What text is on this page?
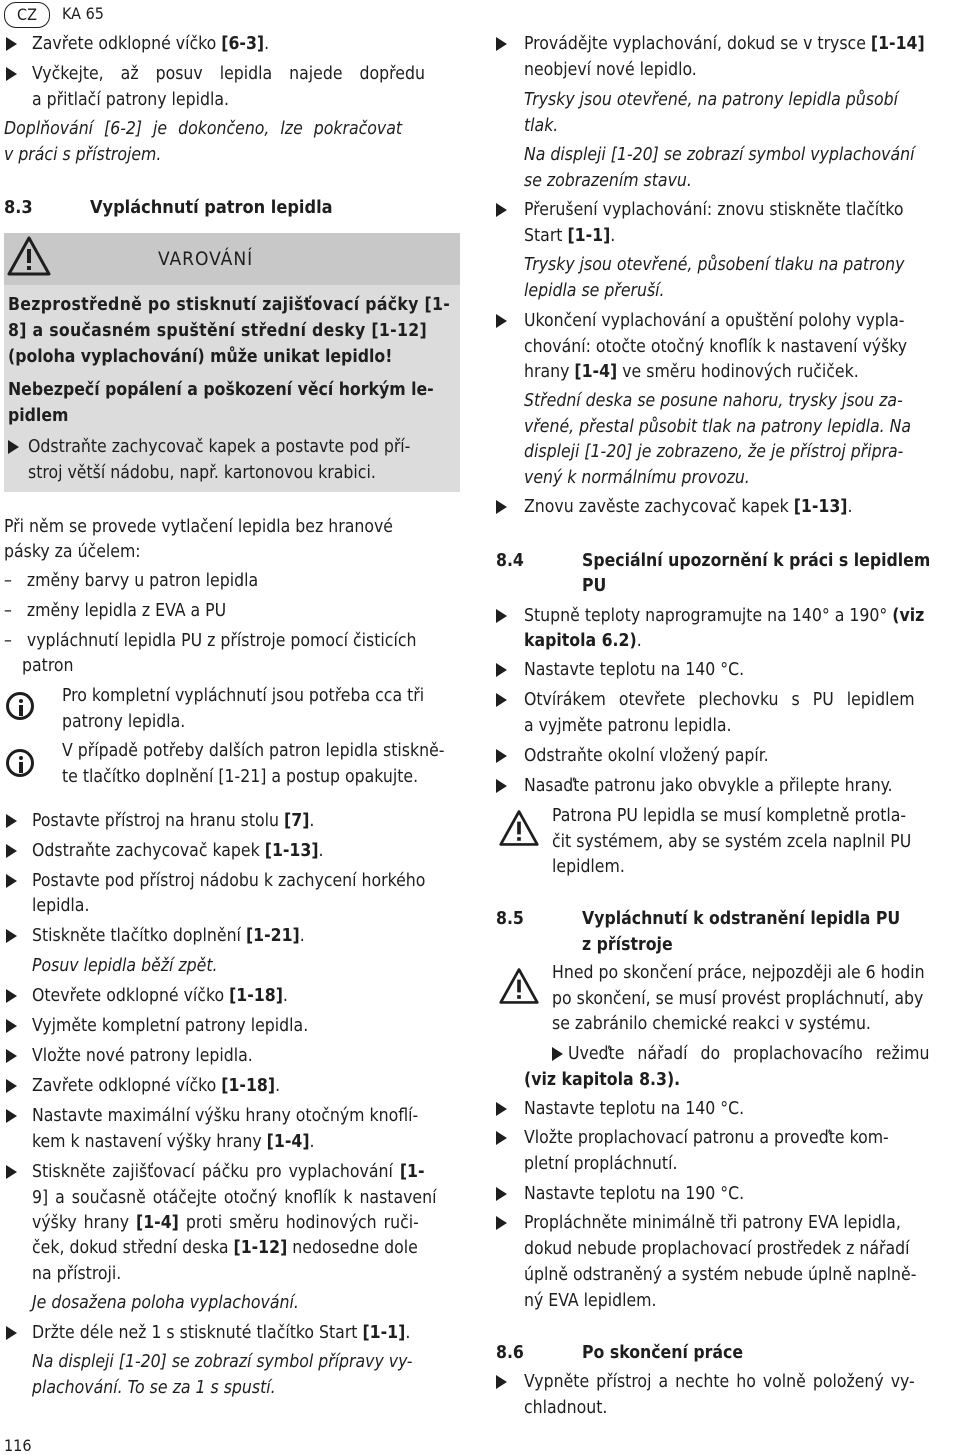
CZ	KA 65
Zavřete odklopné víčko [6-3].
Vyčkejte, až posuv lepidla najede dopředu
a přitlačí patrony lepidla.
Doplňování [6-2] je dokončeno, lze pokračovat
v práci s přístrojem.
8.3	Vypláchnutí patron lepidla
VAROVÁNÍ
Bezprostředně po stisknutí zajišťovací páčky [1-
8] a současném spuštění střední desky [1-12]
(poloha vyplachování) může unikat lepidlo!
Nebezpečí popálení a poškození věcí horkým le-
pidlem
Odstraňte zachycovač kapek a postavte pod pří-
stroj větší nádobu, např. kartonovou krabici.
Při něm se provede vytlačení lepidla bez hranové
pásky za účelem:
–   změny barvy u patron lepidla
–   změny lepidla z EVA a PU
–   vypláchnutí lepidla PU z přístroje pomocí čisticích
patron
Pro kompletní vypláchnutí jsou potřeba cca tři
patrony lepidla.
V případě potřeby dalších patron lepidla stiskně-
te tlačítko doplnění [1-21] a postup opakujte.
Postavte přístroj na hranu stolu [7].
Odstraňte zachycovač kapek [1-13].
Postavte pod přístroj nádobu k zachycení horkého
lepidla.
Stiskněte tlačítko doplnění [1-21].
Posuv lepidla běží zpět.
Otevřete odklopné víčko [1-18].
Vyjměte kompletní patrony lepidla.
Vložte nové patrony lepidla.
Zavřete odklopné víčko [1-18].
Nastavte maximální výšku hrany otočným knoflí-
kem k nastavení výšky hrany [1-4].
Stiskněte zajišťovací páčku pro vyplachování [1-
9] a současně otáčejte otočný knoflík k nastavení
výšky hrany [1-4] proti směru hodinových ruči-
ček, dokud střední deska [1-12] nedosedne dole
na přístroji.
Je dosažena poloha vyplachování.
Držte déle než 1 s stisknuté tlačítko Start [1-1].
Na displeji [1-20] se zobrazí symbol přípravy vy-
plachování. To se za 1 s spustí.
Provádějte vyplachování, dokud se v trysce [1-14]
neobjeví nové lepidlo.
Trysky jsou otevřené, na patrony lepidla působí
tlak.
Na displeji [1-20] se zobrazí symbol vyplachování
se zobrazením stavu.
Přerušení vyplachování: znovu stiskněte tlačítko
Start [1-1].
Trysky jsou otevřené, působení tlaku na patrony
lepidla se přeruší.
Ukončení vyplachování a opuštění polohy vypla-
chování: otočte otočný knoflík k nastavení výšky
hrany [1-4] ve směru hodinových ručiček.
Střední deska se posune nahoru, trysky jsou za-
vřené, přestal působit tlak na patrony lepidla. Na
displeji [1-20] je zobrazeno, že je přístroj připra-
vený k normálnímu provozu.
Znovu zavěste zachycovač kapek [1-13].
8.4	Speciální upozornění k práci s lepidlem
PU
Stupně teploty naprogramujte na 140° a 190° (viz
kapitola 6.2).
Nastavte teplotu na 140 °C.
Otvírákem otevřete plechovku s PU lepidlem
a vyjměte patronu lepidla.
Odstraňte okolní vložený papír.
Nasaďte patronu jako obvykle a přilepte hrany.
Patrona PU lepidla se musí kompletně protla-
čit systémem, aby se systém zcela naplnil PU
lepidlem.
8.5	Vypláchnutí k odstranění lepidla PU
z přístroje
Hned po skončení práce, nejpozději ale 6 hodin
po skončení, se musí provést propláchnutí, aby
se zabránilo chemické reakci v systému.
Uveďte nářadí do proplachovacího režimu
(viz kapitola 8.3).
Nastavte teplotu na 140 °C.
Vložte proplachovací patronu a proveďte kom-
pletní propláchnutí.
Nastavte teplotu na 190 °C.
Propláchněte minimálně tři patrony EVA lepidla,
dokud nebude proplachovací prostředek z nářadí
úplně odstraněný a systém nebude úplně naplně-
ný EVA lepidlem.
8.6	Po skončení práce
Vypněte přístroj a nechte ho volně položený vy-
chladnout.
116
